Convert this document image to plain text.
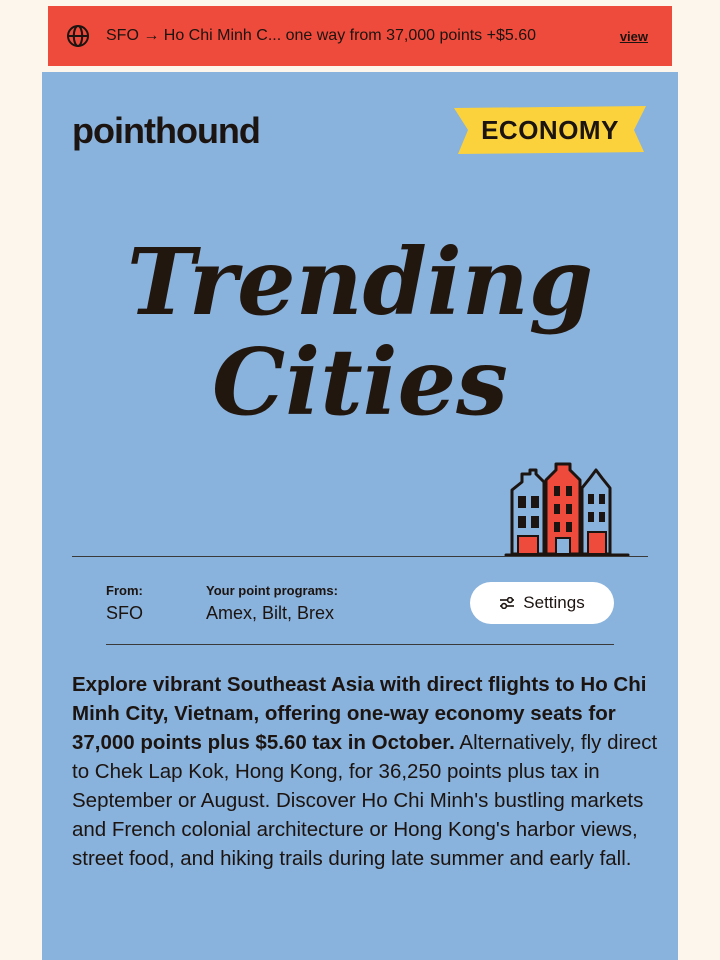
SFO → Ho Chi Minh C... one way from 37,000 points +$5.60	view
pointhound	ECONOMY
Trending
Cities
From:
SFO
Your point programs:
Amex, Bilt, Brex
Settings

Explore vibrant Southeast Asia with direct flights to Ho Chi Minh City, Vietnam, offering one-way economy seats for 37,000 points plus $5.60 tax in October. Alternatively, fly direct to Chek Lap Kok, Hong Kong, for 36,250 points plus tax in September or August. Discover Ho Chi Minh's bustling markets and French colonial architecture or Hong Kong's harbor views, street food, and hiking trails during late summer and early fall.
